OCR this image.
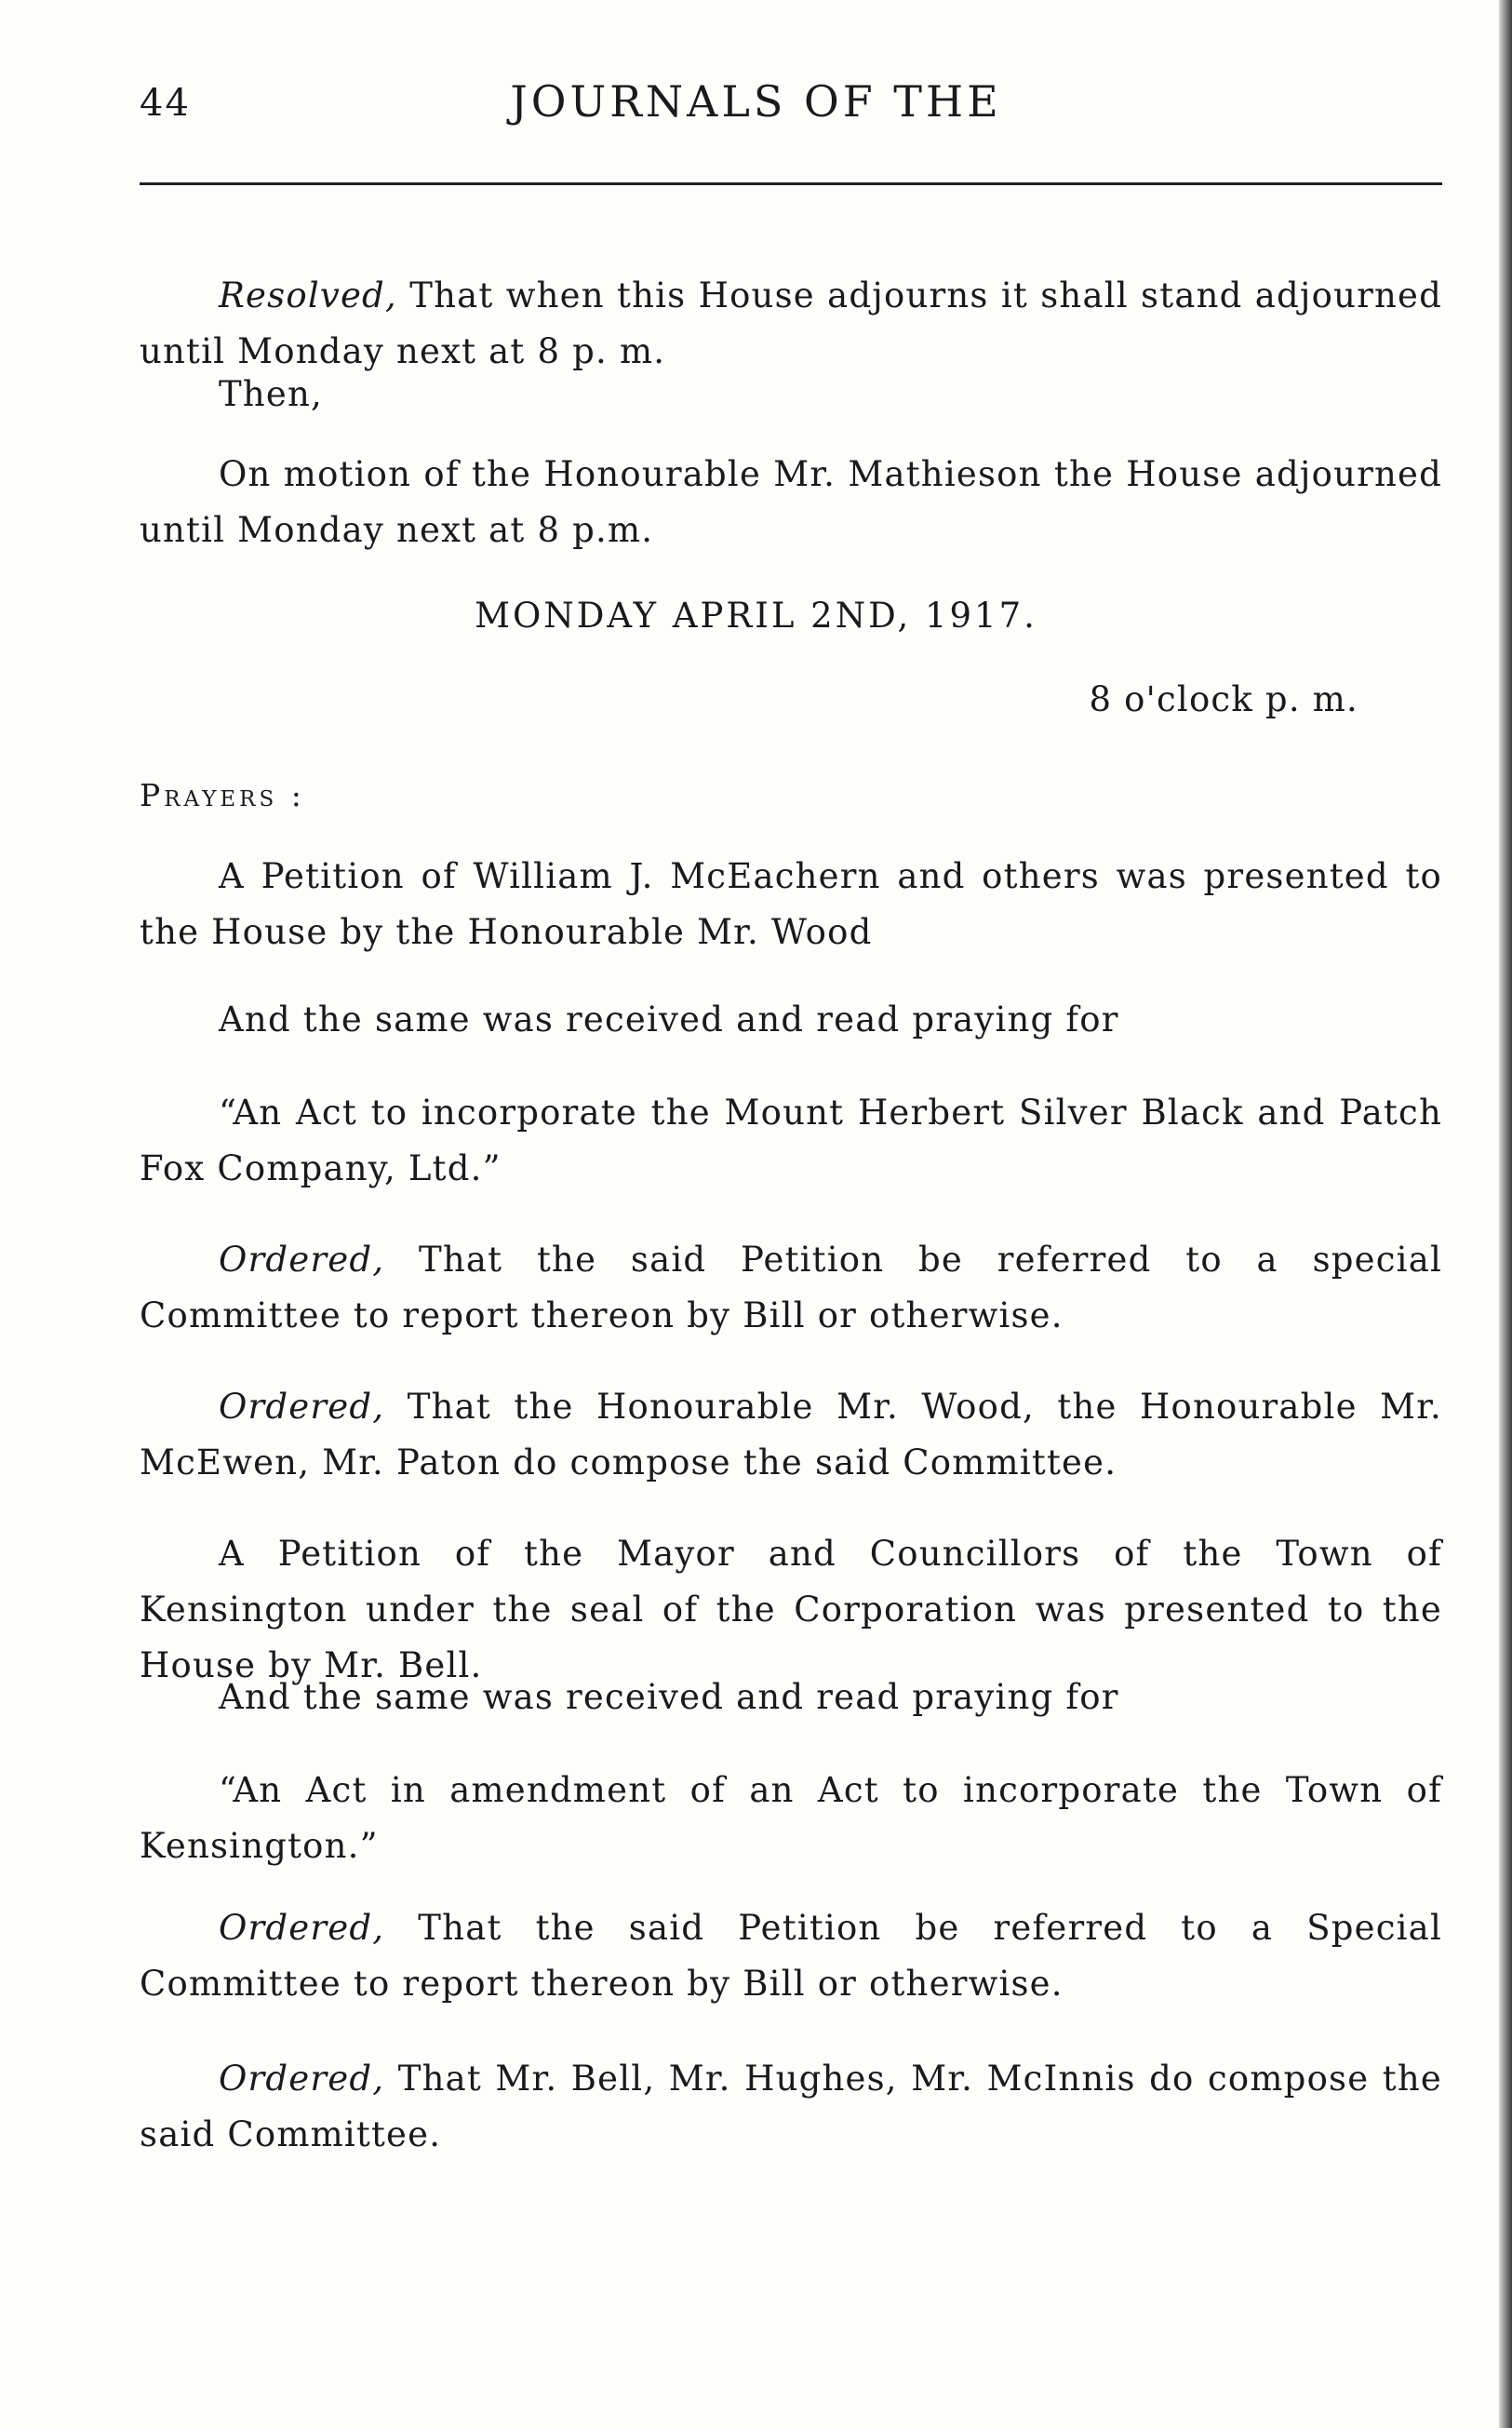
44	JOURNALS OF THE
Resolved, That when this House adjourns it shall stand adjourned until Monday next at 8 p. m.
Then,
On motion of the Honourable Mr. Mathieson the House adjourned until Monday next at 8 p.m.
MONDAY APRIL 2ND, 1917.
8 o'clock p. m.
Prayers :
A Petition of William J. McEachern and others was presented to the House by the Honourable Mr. Wood
And the same was received and read praying for
“An Act to incorporate the Mount Herbert Silver Black and Patch Fox Company, Ltd.”
Ordered, That the said Petition be referred to a special Committee to report thereon by Bill or otherwise.
Ordered, That the Honourable Mr. Wood, the Honourable Mr. McEwen, Mr. Paton do compose the said Committee.
A Petition of the Mayor and Councillors of the Town of Kensington under the seal of the Corporation was presented to the House by Mr. Bell.
And the same was received and read praying for
“An Act in amendment of an Act to incorporate the Town of Kensington.”
Ordered, That the said Petition be referred to a Special Committee to report thereon by Bill or otherwise.
Ordered, That Mr. Bell, Mr. Hughes, Mr. McInnis do compose the said Committee.
